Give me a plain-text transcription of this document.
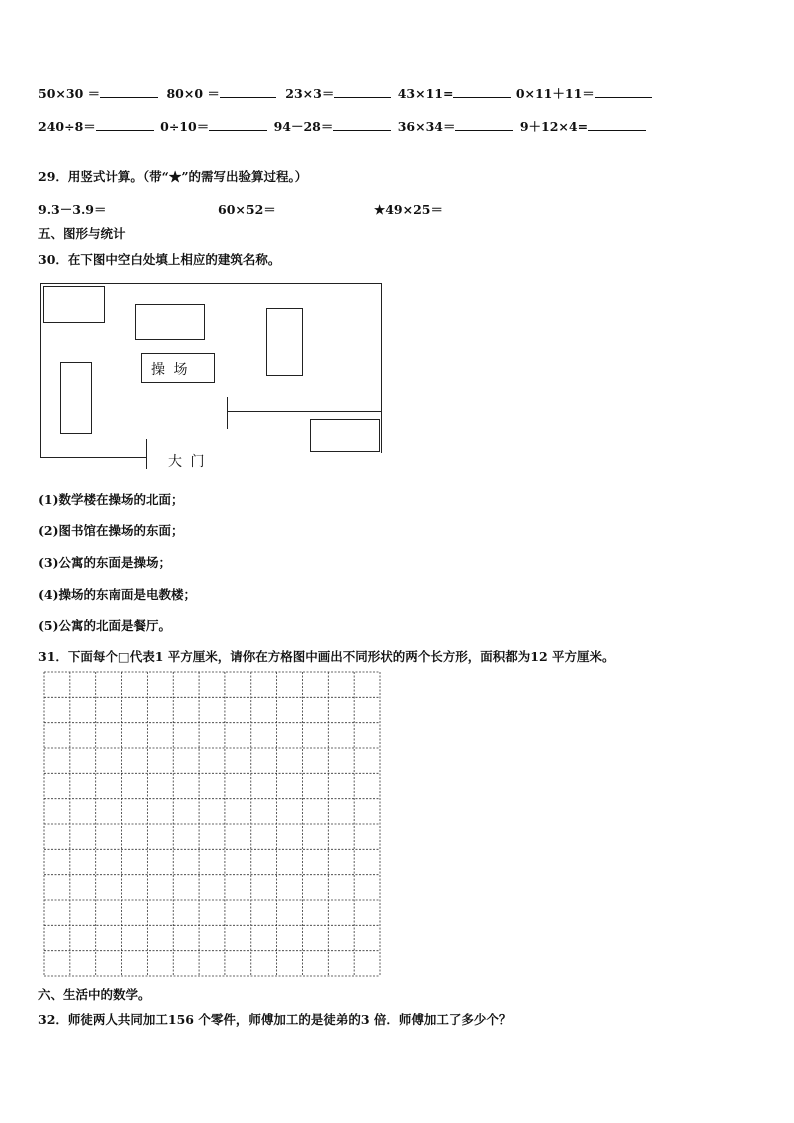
50×30 ＝	80×0 ＝	23×3＝	43×11=	0×11＋11＝
240÷8＝	0÷10＝	94－28＝	36×34＝	9＋12×4=
29．用竖式计算。（带“★”的需写出验算过程。）
9.3－3.9＝	60×52＝	★49×25＝
五、图形与统计
30．在下图中空白处填上相应的建筑名称。
操 场
大 门
(1)数学楼在操场的北面；
(2)图书馆在操场的东面；
(3)公寓的东面是操场；
(4)操场的东南面是电教楼；
(5)公寓的北面是餐厅。
31．下面每个□代表1 平方厘米，请你在方格图中画出不同形状的两个长方形，面积都为12 平方厘米。
六、生活中的数学。
32．师徒两人共同加工156 个零件，师傅加工的是徒弟的3 倍．师傅加工了多少个？
